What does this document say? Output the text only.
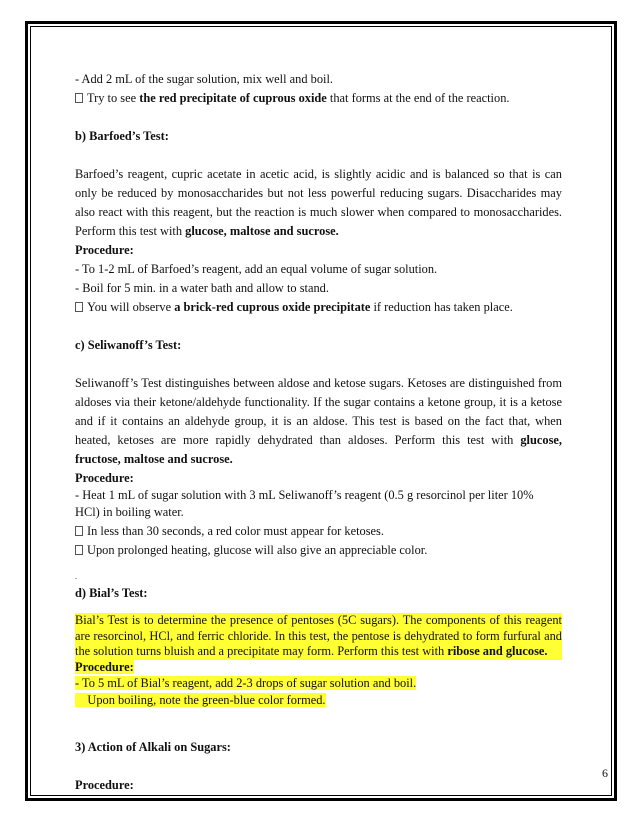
- Add 2 mL of the sugar solution, mix well and boil.
Try to see the red precipitate of cuprous oxide that forms at the end of the reaction.
b) Barfoed’s Test:
Barfoed’s reagent, cupric acetate in acetic acid, is slightly acidic and is balanced so that is can only be reduced by monosaccharides but not less powerful reducing sugars. Disaccharides may also react with this reagent, but the reaction is much slower when compared to monosaccharides. Perform this test with glucose, maltose and sucrose.
Procedure:
- To 1-2 mL of Barfoed’s reagent, add an equal volume of sugar solution.
- Boil for 5 min. in a water bath and allow to stand.
You will observe a brick-red cuprous oxide precipitate if reduction has taken place.
c) Seliwanoff’s Test:
Seliwanoff’s Test distinguishes between aldose and ketose sugars. Ketoses are distinguished from aldoses via their ketone/aldehyde functionality. If the sugar contains a ketone group, it is a ketose and if it contains an aldehyde group, it is an aldose. This test is based on the fact that, when heated, ketoses are more rapidly dehydrated than aldoses. Perform this test with glucose, fructose, maltose and sucrose.
Procedure:
- Heat 1 mL of sugar solution with 3 mL Seliwanoff’s reagent (0.5 g resorcinol per liter 10%
HCl) in boiling water.
In less than 30 seconds, a red color must appear for ketoses.
Upon prolonged heating, glucose will also give an appreciable color.
.
d) Bial’s Test:
Bial’s Test is to determine the presence of pentoses (5C sugars). The components of this reagent are resorcinol, HCl, and ferric chloride. In this test, the pentose is dehydrated to form furfural and the solution turns bluish and a precipitate may form. Perform this test with ribose and glucose.
Procedure:
- To 5 mL of Bial’s reagent, add 2-3 drops of sugar solution and boil.
Upon boiling, note the green-blue color formed.
3) Action of Alkali on Sugars:
Procedure:
6
